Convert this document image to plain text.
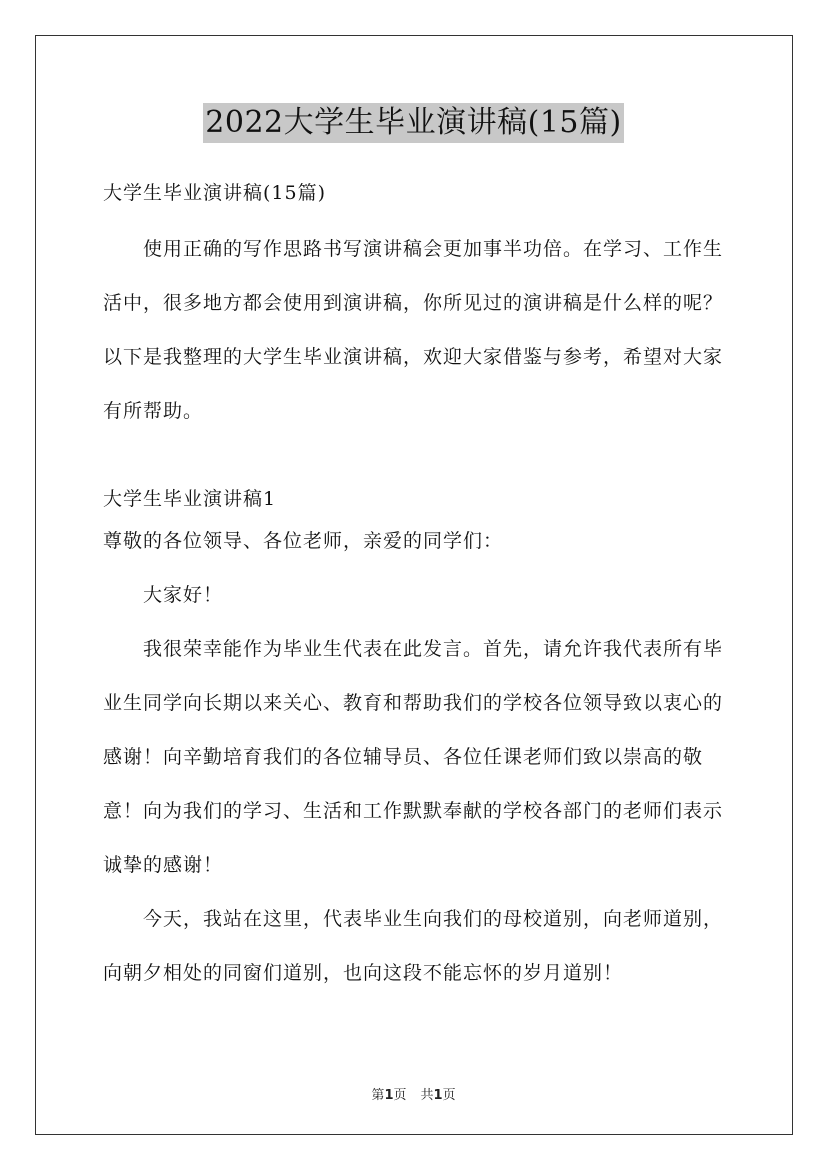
2022大学生毕业演讲稿(15篇)
大学生毕业演讲稿(15篇)

使用正确的写作思路书写演讲稿会更加事半功倍。在学习、工作生活中，很多地方都会使用到演讲稿，你所见过的演讲稿是什么样的呢？以下是我整理的大学生毕业演讲稿，欢迎大家借鉴与参考，希望对大家有所帮助。

大学生毕业演讲稿1

尊敬的各位领导、各位老师，亲爱的同学们：

大家好！

我很荣幸能作为毕业生代表在此发言。首先，请允许我代表所有毕业生同学向长期以来关心、教育和帮助我们的学校各位领导致以衷心的感谢！向辛勤培育我们的各位辅导员、各位任课老师们致以崇高的敬意！向为我们的学习、生活和工作默默奉献的学校各部门的老师们表示诚挚的感谢！

今天，我站在这里，代表毕业生向我们的母校道别，向老师道别，向朝夕相处的同窗们道别，也向这段不能忘怀的岁月道别！

第1页 共1页
